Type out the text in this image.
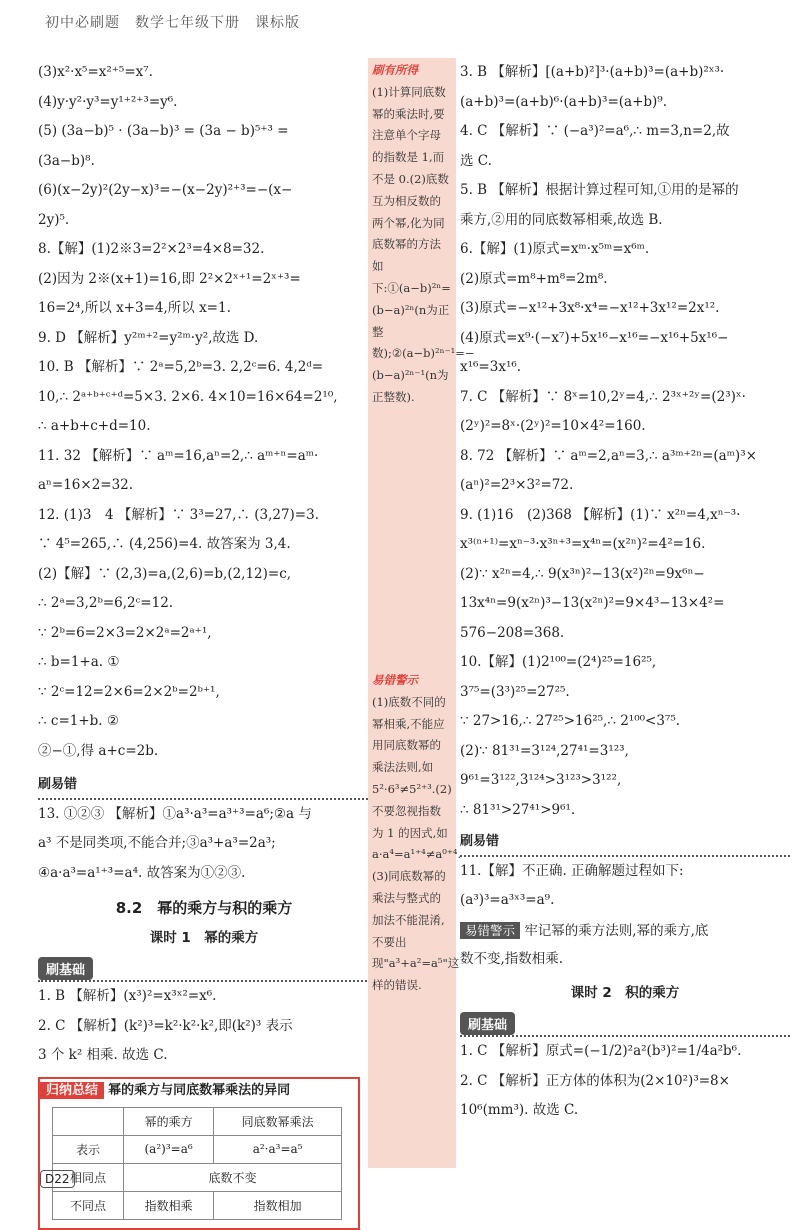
初中必刷题　数学七年级下册　课标版
(3)x²·x⁵=x²⁺⁵=x⁷.
(4)y·y²·y³=y¹⁺²⁺³=y⁶.
(5) (3a−b)⁵ · (3a−b)³ = (3a − b)⁵⁺³ =
(3a−b)⁸.
(6)(x−2y)²(2y−x)³=−(x−2y)²⁺³=−(x−
2y)⁵.
8.【解】(1)2※3=2²×2³=4×8=32.
(2)因为 2※(x+1)=16,即 2²×2ˣ⁺¹=2ˣ⁺³=
16=2⁴,所以 x+3=4,所以 x=1.
9. D 【解析】y²ᵐ⁺²=y²ᵐ·y²,故选 D.
10. B 【解析】∵ 2ᵃ=5,2ᵇ=3. 2,2ᶜ=6. 4,2ᵈ=
10,∴ 2ᵃ⁺ᵇ⁺ᶜ⁺ᵈ=5×3. 2×6. 4×10=16×64=2¹⁰,
∴ a+b+c+d=10.
11. 32 【解析】∵ aᵐ=16,aⁿ=2,∴ aᵐ⁺ⁿ=aᵐ·
aⁿ=16×2=32.
12. (1)3　4 【解析】∵ 3³=27,∴ (3,27)=3.
∵ 4⁵=265,∴ (4,256)=4. 故答案为 3,4.
(2)【解】∵ (2,3)=a,(2,6)=b,(2,12)=c,
∴ 2ᵃ=3,2ᵇ=6,2ᶜ=12.
∵ 2ᵇ=6=2×3=2×2ᵃ=2ᵃ⁺¹,
∴ b=1+a. ①
∵ 2ᶜ=12=2×6=2×2ᵇ=2ᵇ⁺¹,
∴ c=1+b. ②
②−①,得 a+c=2b.
刷易错
13. ①②③ 【解析】①a³·a³=a³⁺³=a⁶;②a 与
a³ 不是同类项,不能合并;③a³+a³=2a³;
④a·a³=a¹⁺³=a⁴. 故答案为①②③.
8.2　幂的乘方与积的乘方
课时 1　幂的乘方
刷基础
1. B 【解析】(x³)²=x³ˣ²=x⁶.
2. C 【解析】(k²)³=k²·k²·k²,即(k²)³ 表示
3 个 k² 相乘. 故选 C.
归纳总结 幂的乘方与同底数幂乘法的异同
	幂的乘方	同底数幂乘法
表示	(a²)³=a⁶	a²·a³=a⁵
相同点	底数不变	
不同点	指数相乘	指数相加
刷有所得
(1)计算同底数幂的乘法时,要注意单个字母的指数是 1,而不是 0.(2)底数互为相反数的两个幂,化为同底数幂的方法如下:①(a−b)²ⁿ=(b−a)²ⁿ(n为正整数);②(a−b)²ⁿ⁻¹=−(b−a)²ⁿ⁻¹(n为正整数).
易错警示
(1)底数不同的幂相乘,不能应用同底数幂的乘法法则,如 5²·6³≠5²⁺³.(2)不要忽视指数为 1 的因式,如 a·a⁴=a¹⁺⁴≠a⁰⁺⁴.(3)同底数幂的乘法与整式的加法不能混淆,不要出现"a³+a²=a⁵"这样的错误.
3. B 【解析】[(a+b)²]³·(a+b)³=(a+b)²ˣ³·
(a+b)³=(a+b)⁶·(a+b)³=(a+b)⁹.
4. C 【解析】∵ (−a³)²=a⁶,∴ m=3,n=2,故
选 C.
5. B 【解析】根据计算过程可知,①用的是幂的
乘方,②用的同底数幂相乘,故选 B.
6.【解】(1)原式=xᵐ·x⁵ᵐ=x⁶ᵐ.
(2)原式=m⁸+m⁸=2m⁸.
(3)原式=−x¹²+3x⁸·x⁴=−x¹²+3x¹²=2x¹².
(4)原式=x⁹·(−x⁷)+5x¹⁶−x¹⁶=−x¹⁶+5x¹⁶−
x¹⁶=3x¹⁶.
7. C 【解析】∵ 8ˣ=10,2ʸ=4,∴ 2³ˣ⁺²ʸ=(2³)ˣ·
(2ʸ)²=8ˣ·(2ʸ)²=10×4²=160.
8. 72 【解析】∵ aᵐ=2,aⁿ=3,∴ a³ᵐ⁺²ⁿ=(aᵐ)³×
(aⁿ)²=2³×3²=72.
9. (1)16　(2)368 【解析】(1)∵ x²ⁿ=4,xⁿ⁻³·
x³⁽ⁿ⁺¹⁾=xⁿ⁻³·x³ⁿ⁺³=x⁴ⁿ=(x²ⁿ)²=4²=16.
(2)∵ x²ⁿ=4,∴ 9(x³ⁿ)²−13(x²)²ⁿ=9x⁶ⁿ−
13x⁴ⁿ=9(x²ⁿ)³−13(x²ⁿ)²=9×4³−13×4²=
576−208=368.
10.【解】(1)2¹⁰⁰=(2⁴)²⁵=16²⁵,
3⁷⁵=(3³)²⁵=27²⁵.
∵ 27>16,∴ 27²⁵>16²⁵,∴ 2¹⁰⁰<3⁷⁵.
(2)∵ 81³¹=3¹²⁴,27⁴¹=3¹²³,
9⁶¹=3¹²²,3¹²⁴>3¹²³>3¹²²,
∴ 81³¹>27⁴¹>9⁶¹.
刷易错
11.【解】不正确. 正确解题过程如下:
(a³)³=a³ˣ³=a⁹.
易错警示 牢记幂的乘方法则,幂的乘方,底
数不变,指数相乘.
课时 2　积的乘方
刷基础
1. C 【解析】原式=(−1/2)²a²(b³)²=1/4a²b⁶.
2. C 【解析】正方体的体积为(2×10²)³=8×
10⁶(mm³). 故选 C.
D22
